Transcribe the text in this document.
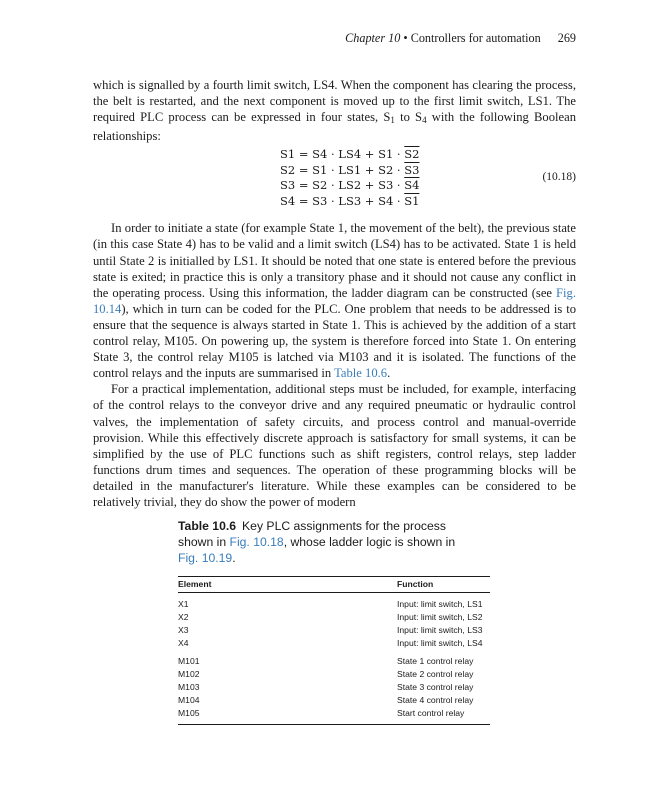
Chapter 10 • Controllers for automation 269

which is signalled by a fourth limit switch, LS4. When the component has clearing the process, the belt is restarted, and the next component is moved up to the first limit switch, LS1. The required PLC process can be expressed in four states, $S_1$ to $S_4$ with the following Boolean relationships:

S1 = S4 · LS4 + S1 · S2
S2 = S1 · LS1 + S2 · S3
S3 = S2 · LS2 + S3 · S4
S4 = S3 · LS3 + S4 · S1
(10.18)

In order to initiate a state (for example State 1, the movement of the belt), the previous state (in this case State 4) has to be valid and a limit switch (LS4) has to be activated. State 1 is held until State 2 is initialled by LS1. It should be noted that one state is entered before the previous state is exited; in practice this is only a transitory phase and it should not cause any conflict in the operating process. Using this information, the ladder diagram can be constructed (see Fig. 10.14), which in turn can be coded for the PLC. One problem that needs to be addressed is to ensure that the sequence is always started in State 1. This is achieved by the addition of a start control relay, M105. On powering up, the system is therefore forced into State 1. On entering State 3, the control relay M105 is latched via M103 and it is isolated. The functions of the control relays and the inputs are summarised in Table 10.6.

For a practical implementation, additional steps must be included, for example, interfacing of the control relays to the conveyor drive and any required pneumatic or hydraulic control valves, the implementation of safety circuits, and process control and manual-override provision. While this effectively discrete approach is satisfactory for small systems, it can be simplified by the use of PLC functions such as shift registers, control relays, step ladder functions drum times and sequences. The operation of these programming blocks will be detailed in the manufacturer's literature. While these examples can be considered to be relatively trivial, they do show the power of modern

Table 10.6 Key PLC assignments for the process shown in Fig. 10.18, whose ladder logic is shown in Fig. 10.19.
Element	Function
X1	Input: limit switch, LS1
X2	Input: limit switch, LS2
X3	Input: limit switch, LS3
X4	Input: limit switch, LS4
M101	State 1 control relay
M102	State 2 control relay
M103	State 3 control relay
M104	State 4 control relay
M105	Start control relay
